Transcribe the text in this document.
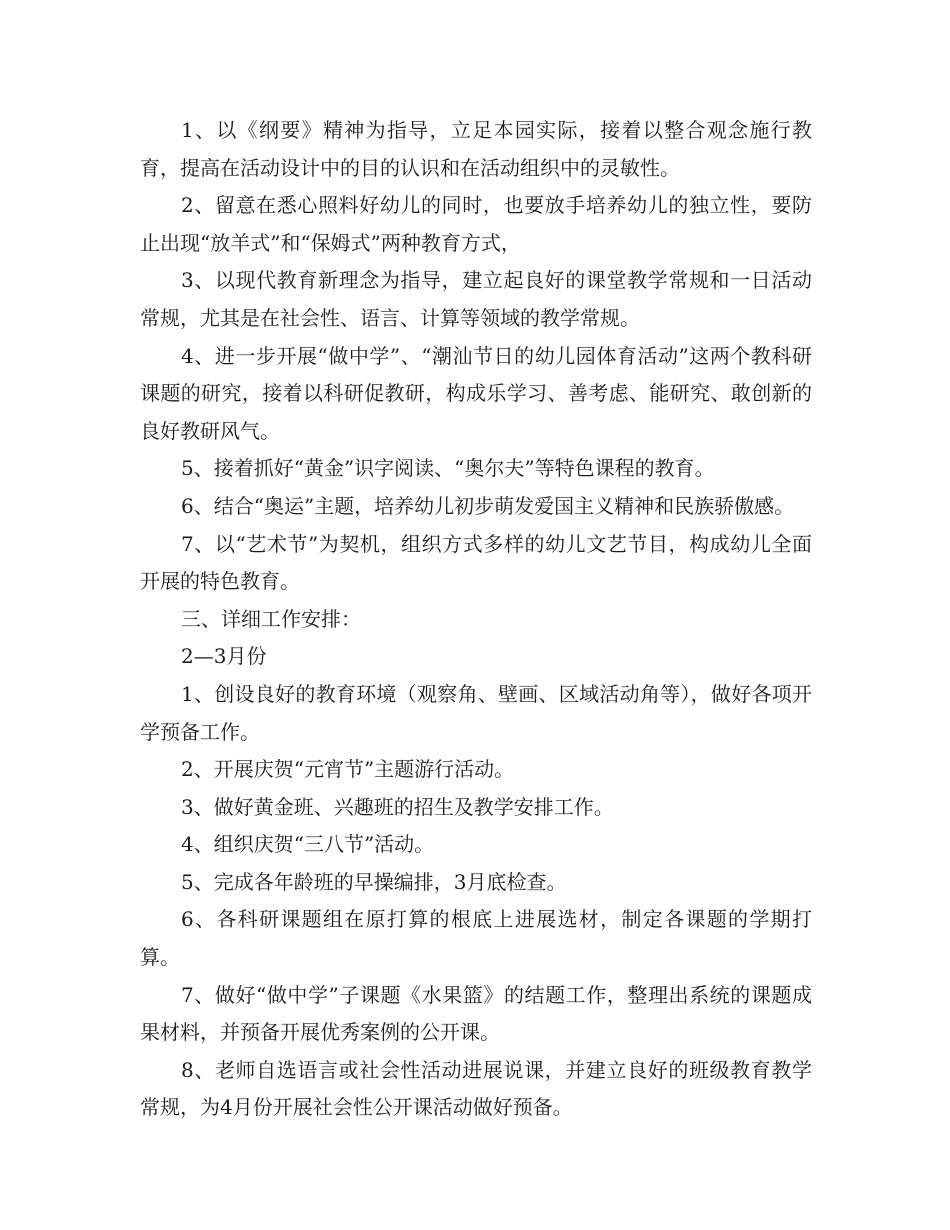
1、以《纲要》精神为指导，立足本园实际，接着以整合观念施行教育，提高在活动设计中的目的认识和在活动组织中的灵敏性。

2、留意在悉心照料好幼儿的同时，也要放手培养幼儿的独立性，要防止出现“放羊式”和“保姆式”两种教育方式，

3、以现代教育新理念为指导，建立起良好的课堂教学常规和一日活动常规，尤其是在社会性、语言、计算等领域的教学常规。

4、进一步开展“做中学”、“潮汕节日的幼儿园体育活动”这两个教科研课题的研究，接着以科研促教研，构成乐学习、善考虑、能研究、敢创新的良好教研风气。

5、接着抓好“黄金”识字阅读、“奥尔夫”等特色课程的教育。

6、结合“奥运”主题，培养幼儿初步萌发爱国主义精神和民族骄傲感。

7、以“艺术节”为契机，组织方式多样的幼儿文艺节目，构成幼儿全面开展的特色教育。

三、详细工作安排：

2—3月份

1、创设良好的教育环境（观察角、壁画、区域活动角等），做好各项开学预备工作。

2、开展庆贺“元宵节”主题游行活动。

3、做好黄金班、兴趣班的招生及教学安排工作。

4、组织庆贺“三八节”活动。

5、完成各年龄班的早操编排，3月底检查。

6、各科研课题组在原打算的根底上进展选材，制定各课题的学期打算。

7、做好“做中学”子课题《水果篮》的结题工作，整理出系统的课题成果材料，并预备开展优秀案例的公开课。

8、老师自选语言或社会性活动进展说课，并建立良好的班级教育教学常规，为4月份开展社会性公开课活动做好预备。
